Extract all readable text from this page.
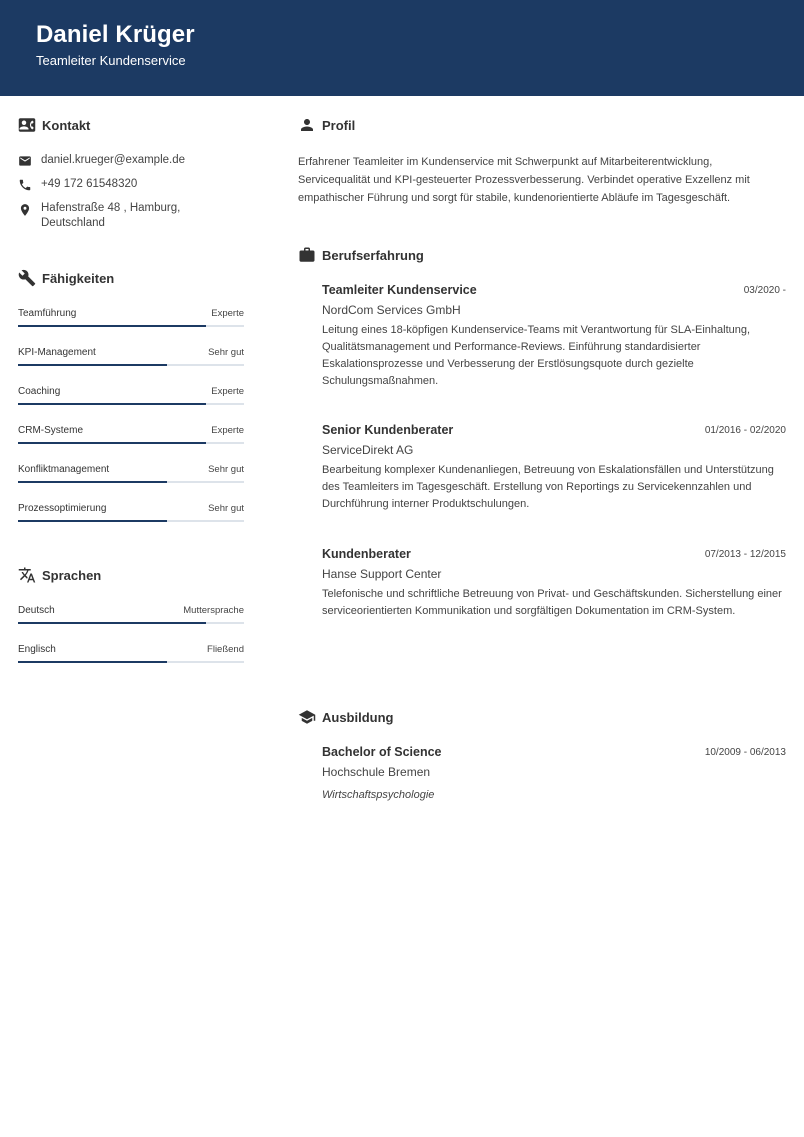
Daniel Krüger
Teamleiter Kundenservice
Kontakt
daniel.krueger@example.de
+49 172 61548320
Hafenstraße 48 , Hamburg,
Deutschland
Fähigkeiten
Teamführung	Experte
KPI-Management	Sehr gut
Coaching	Experte
CRM-Systeme	Experte
Konfliktmanagement	Sehr gut
Prozessoptimierung	Sehr gut
Sprachen
Deutsch	Muttersprache
Englisch	Fließend
Profil
Erfahrener Teamleiter im Kundenservice mit Schwerpunkt auf Mitarbeiterentwicklung, Servicequalität und KPI-gesteuerter Prozessverbesserung. Verbindet operative Exzellenz mit empathischer Führung und sorgt für stabile, kundenorientierte Abläufe im Tagesgeschäft.
Berufserfahrung
Teamleiter Kundenservice	03/2020 -
NordCom Services GmbH
Leitung eines 18-köpfigen Kundenservice-Teams mit Verantwortung für SLA-Einhaltung, Qualitätsmanagement und Performance-Reviews. Einführung standardisierter Eskalationsprozesse und Verbesserung der Erstlösungsquote durch gezielte Schulungsmaßnahmen.
Senior Kundenberater	01/2016 - 02/2020
ServiceDirekt AG
Bearbeitung komplexer Kundenanliegen, Betreuung von Eskalationsfällen und Unterstützung des Teamleiters im Tagesgeschäft. Erstellung von Reportings zu Servicekennzahlen und Durchführung interner Produktschulungen.
Kundenberater	07/2013 - 12/2015
Hanse Support Center
Telefonische und schriftliche Betreuung von Privat- und Geschäftskunden. Sicherstellung einer serviceorientierten Kommunikation und sorgfältigen Dokumentation im CRM-System.
Ausbildung
Bachelor of Science	10/2009 - 06/2013
Hochschule Bremen
Wirtschaftspsychologie
